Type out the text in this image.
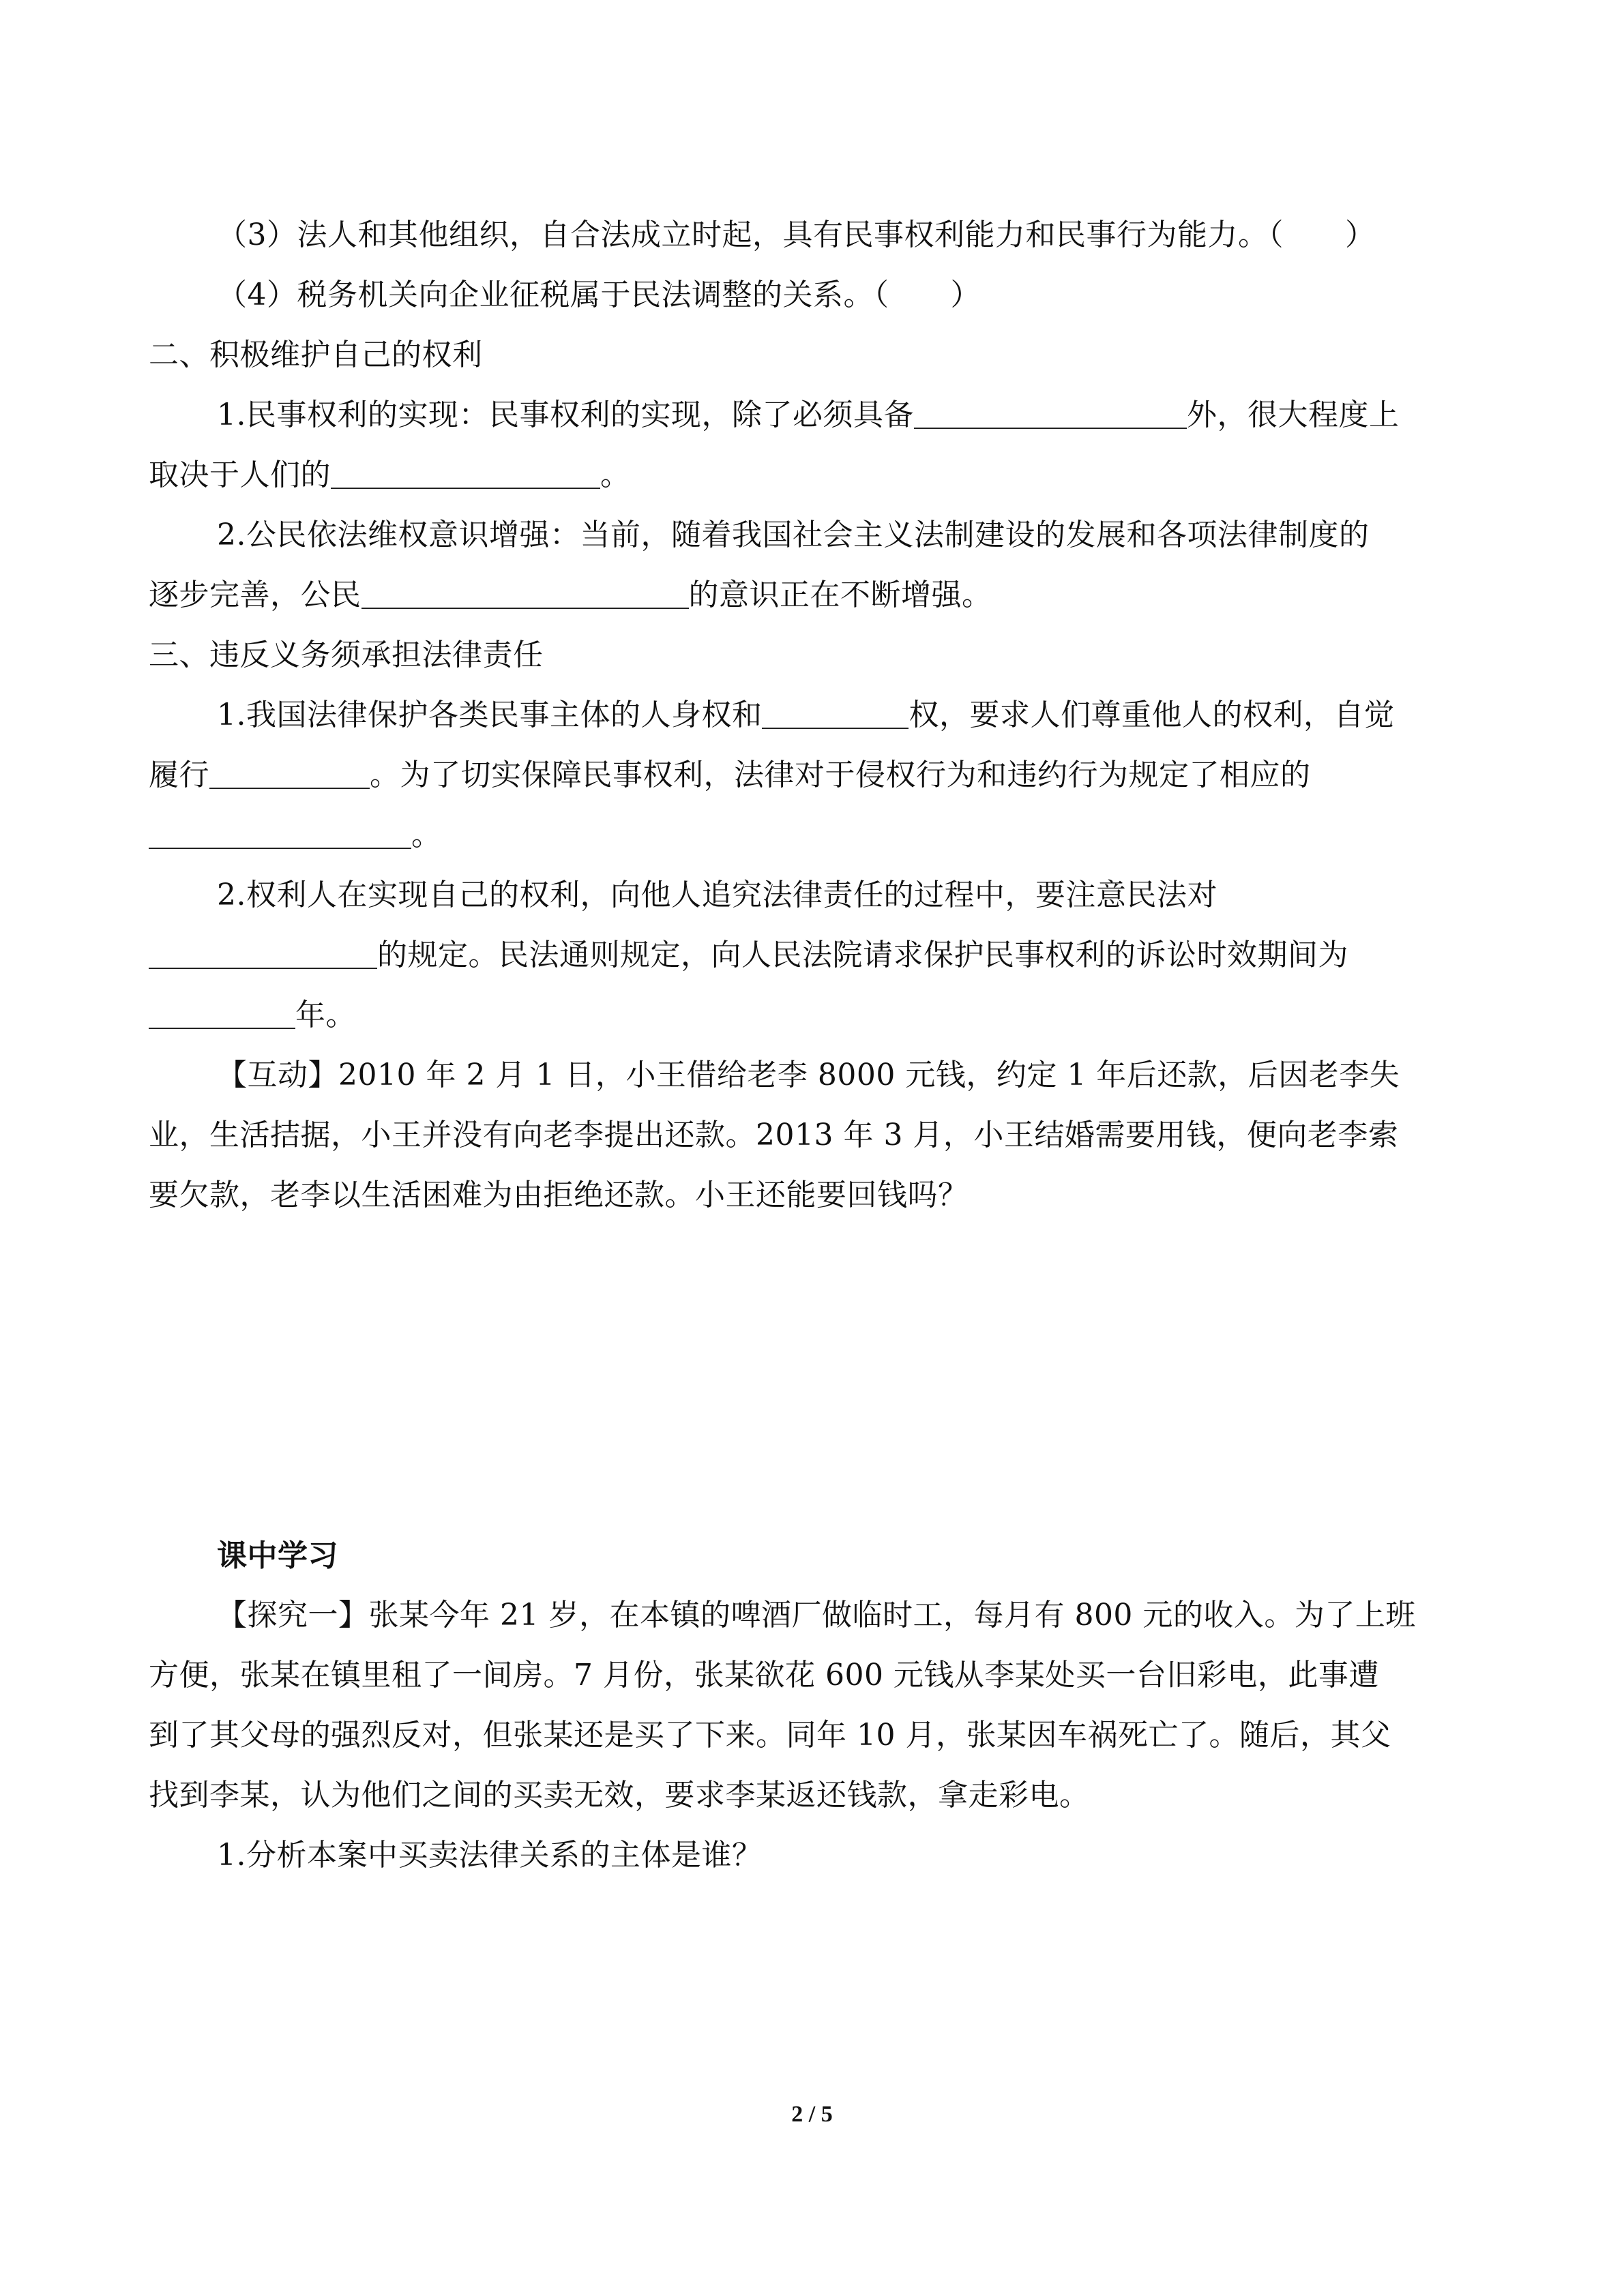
（3）法人和其他组织，自合法成立时起，具有民事权利能力和民事行为能力。（ ）
（4）税务机关向企业征税属于民法调整的关系。（ ）
二、积极维护自己的权利
1.民事权利的实现：民事权利的实现，除了必须具备	外，很大程度上
取决于人们的	。
2.公民依法维权意识增强：当前，随着我国社会主义法制建设的发展和各项法律制度的
逐步完善，公民	的意识正在不断增强。
三、违反义务须承担法律责任
1.我国法律保护各类民事主体的人身权和	权，要求人们尊重他人的权利，自觉
履行	。为了切实保障民事权利，法律对于侵权行为和违约行为规定了相应的
。
2.权利人在实现自己的权利，向他人追究法律责任的过程中，要注意民法对
的规定。民法通则规定，向人民法院请求保护民事权利的诉讼时效期间为
年。
【互动】2010 年 2 月 1 日，小王借给老李 8000 元钱，约定 1 年后还款，后因老李失
业，生活拮据，小王并没有向老李提出还款。2013 年 3 月，小王结婚需要用钱，便向老李索
要欠款，老李以生活困难为由拒绝还款。小王还能要回钱吗？
课中学习
【探究一】张某今年 21 岁，在本镇的啤酒厂做临时工，每月有 800 元的收入。为了上班
方便，张某在镇里租了一间房。7 月份，张某欲花 600 元钱从李某处买一台旧彩电，此事遭
到了其父母的强烈反对，但张某还是买了下来。同年 10 月，张某因车祸死亡了。随后，其父
找到李某，认为他们之间的买卖无效，要求李某返还钱款，拿走彩电。
1.分析本案中买卖法律关系的主体是谁？
2 / 5
